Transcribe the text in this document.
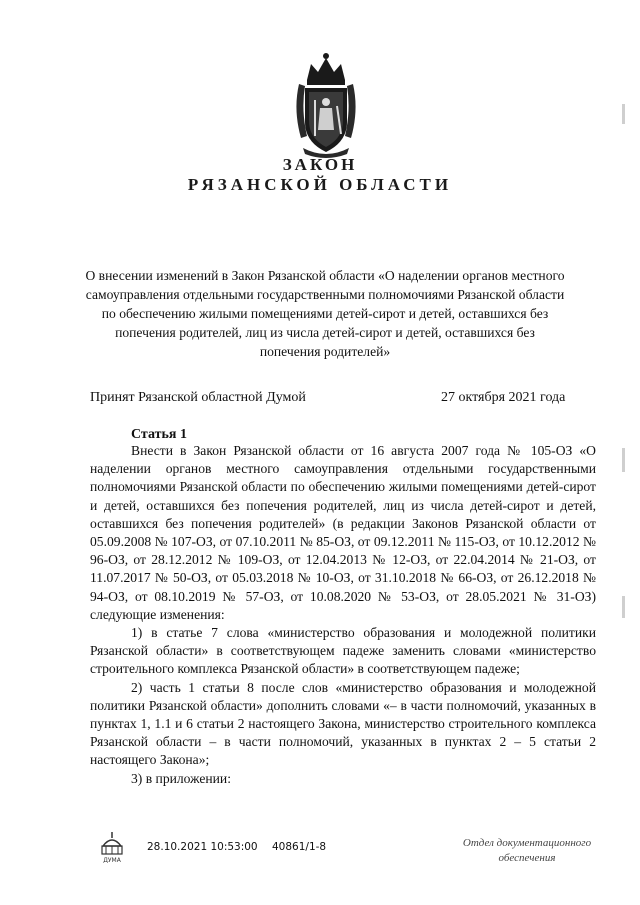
ЗАКОН
РЯЗАНСКОЙ ОБЛАСТИ
О внесении изменений в Закон Рязанской области «О наделении органов местного самоуправления отдельными государственными полномочиями Рязанской области по обеспечению жилыми помещениями детей-сирот и детей, оставшихся без попечения родителей, лиц из числа детей-сирот и детей, оставшихся без попечения родителей»
Принят Рязанской областной Думой	27 октября 2021 года
Статья 1

Внести в Закон Рязанской области от 16 августа 2007 года № 105-ОЗ «О наделении органов местного самоуправления отдельными государственными полномочиями Рязанской области по обеспечению жилыми помещениями детей-сирот и детей, оставшихся без попечения родителей, лиц из числа детей-сирот и детей, оставшихся без попечения родителей» (в редакции Законов Рязанской области от 05.09.2008 № 107-ОЗ, от 07.10.2011 № 85-ОЗ, от 09.12.2011 № 115-ОЗ, от 10.12.2012 № 96-ОЗ, от 28.12.2012 № 109-ОЗ, от 12.04.2013 № 12-ОЗ, от 22.04.2014 № 21-ОЗ, от 11.07.2017 № 50-ОЗ, от 05.03.2018 № 10-ОЗ, от 31.10.2018 № 66-ОЗ, от 26.12.2018 № 94-ОЗ, от 08.10.2019 № 57-ОЗ, от 10.08.2020 № 53-ОЗ, от 28.05.2021 № 31-ОЗ) следующие изменения:

1) в статье 7 слова «министерство образования и молодежной политики Рязанской области» в соответствующем падеже заменить словами «министерство строительного комплекса Рязанской области» в соответствующем падеже;

2) часть 1 статьи 8 после слов «министерство образования и молодежной политики Рязанской области» дополнить словами «– в части полномочий, указанных в пунктах 1, 1.1 и 6 статьи 2 настоящего Закона, министерство строительного комплекса Рязанской области – в части полномочий, указанных в пунктах 2 – 5 статьи 2 настоящего Закона»;

3) в приложении:

ДУМА
28.10.2021 10:53:00 40861/1-8	Отдел документационного
обеспечения
